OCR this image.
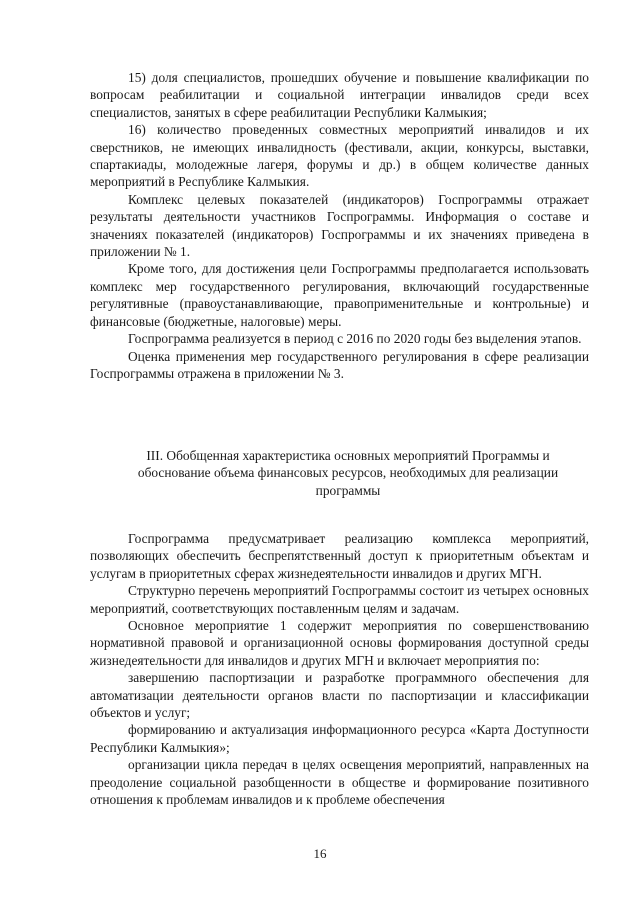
15) доля специалистов, прошедших обучение и повышение квалификации по вопросам реабилитации и социальной интеграции инвалидов среди всех специалистов, занятых в сфере реабилитации Республики Калмыкия;

16) количество проведенных совместных мероприятий инвалидов и их сверстников, не имеющих инвалидность (фестивали, акции, конкурсы, выставки, спартакиады, молодежные лагеря, форумы и др.) в общем количестве данных мероприятий в Республике Калмыкия.

Комплекс целевых показателей (индикаторов) Госпрограммы отражает результаты деятельности участников Госпрограммы. Информация о составе и значениях показателей (индикаторов) Госпрограммы и их значениях приведена в приложении № 1.

Кроме того, для достижения цели Госпрограммы предполагается использовать комплекс мер государственного регулирования, включающий государственные регулятивные (правоустанавливающие, правоприменительные и контрольные) и финансовые (бюджетные, налоговые) меры.

Госпрограмма реализуется в период с 2016 по 2020 годы без выделения этапов.

Оценка применения мер государственного регулирования в сфере реализации Госпрограммы отражена в приложении № 3.

III. Обобщенная характеристика основных мероприятий Программы и обоснование объема финансовых ресурсов, необходимых для реализации программы

Госпрограмма предусматривает реализацию комплекса мероприятий, позволяющих обеспечить беспрепятственный доступ к приоритетным объектам и услугам в приоритетных сферах жизнедеятельности инвалидов и других МГН.

Структурно перечень мероприятий Госпрограммы состоит из четырех основных мероприятий, соответствующих поставленным целям и задачам.

Основное мероприятие 1 содержит мероприятия по совершенствованию нормативной правовой и организационной основы формирования доступной среды жизнедеятельности для инвалидов и других МГН и включает мероприятия по:

завершению паспортизации и разработке программного обеспечения для автоматизации деятельности органов власти по паспортизации и классификации объектов и услуг;

формированию и актуализация информационного ресурса «Карта Доступности Республики Калмыкия»;

организации цикла передач в целях освещения мероприятий, направленных на преодоление социальной разобщенности в обществе и формирование позитивного отношения к проблемам инвалидов и к проблеме обеспечения

16
